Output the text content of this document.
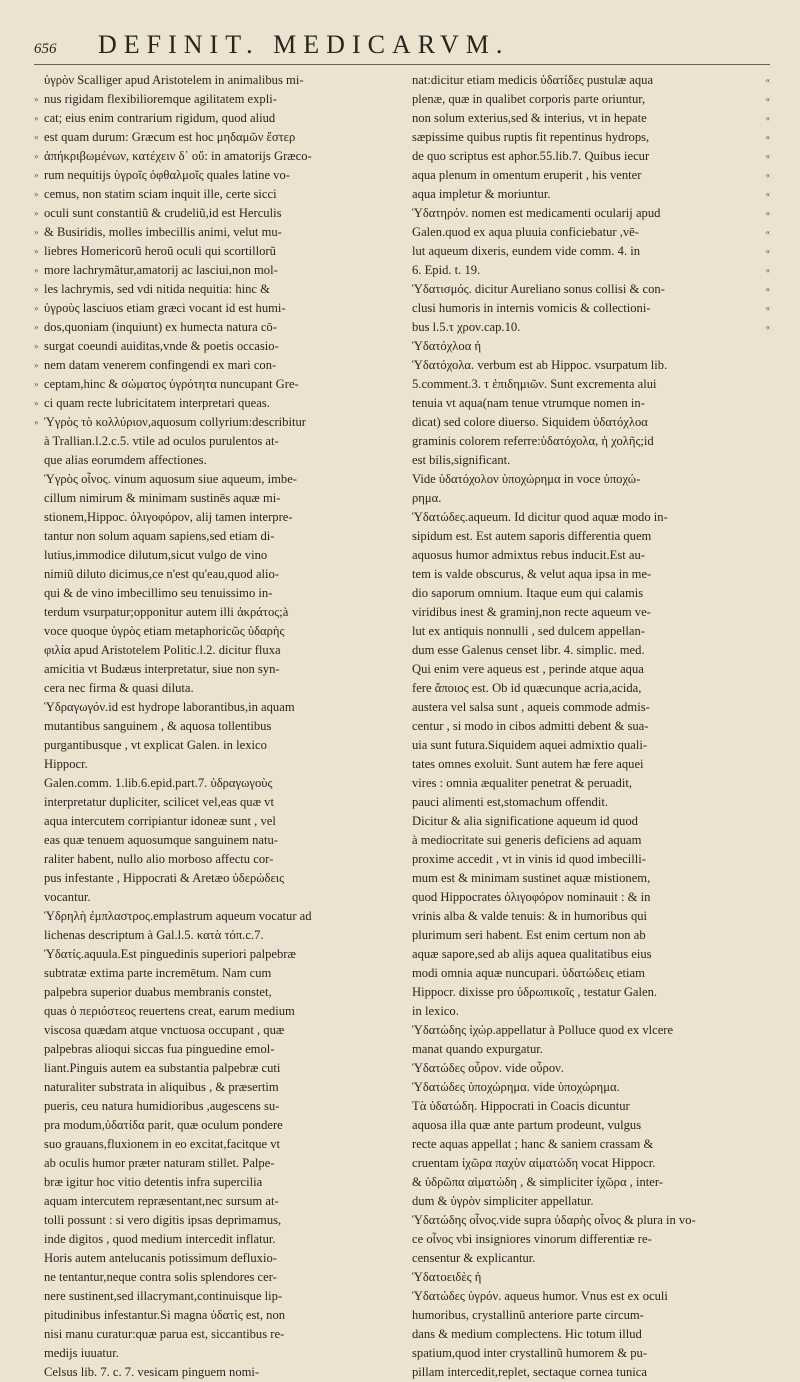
656	DEFINIT. MEDICARVM.
ὑγρὸν Scalliger apud Aristotelem in animalibus mi-
nus rigidam flexibilioremque agilitatem expli-
»
cat; eius enim contrarium rigidum, quod aliud
»
est quam durum: Græcum est hoc μηδαμῶν ἔστερ
«
ἀπήκριβωμένων, κατέχειν δ᾽ οὔ: in amatorijs Græco-
»
rum nequitijs ὑγροῖς ὀφθαλμοῖς quales latine vo-
»
cemus, non statim sciam inquit ille, certe sicci
»
oculi sunt constantiũ & crudeliũ,id est Herculis
»
& Busiridis, molles imbecillis animi, velut mu-
»
liebres Homericorũ heroũ oculi qui scortillorũ
»
more lachrymãtur,amatorij ac lasciui,non mol-
»
les lachrymis, sed vdi nitida nequitia: hinc &
»
ὑγροὺς lasciuos etiam græci vocant id est humi-
»
dos,quoniam (inquiunt) ex humecta natura cō-
»
surgat coeundi auiditas,vnde & poetis occasio-
»
nem datam venerem confingendi ex mari con-
»
ceptam,hinc & σώματος ὑγρότητα nuncupant Gre-
»
ci quam recte lubricitatem interpretari queas.
»
Ὑγρὸς τὸ κολλύριον,aquosum collyrium:describitur
»
à Trallian.l.2.c.5. vtile ad oculos purulentos at-
que alias eorumdem affectiones.
Ὑγρὸς οἶνος. vinum aquosum siue aqueum, imbe-
cillum nimirum & minimam sustinēs aquæ mi-
stionem,Hippoc. ὀλιγοφόρον, alij tamen interpre-
tantur non solum aquam sapiens,sed etiam di-
lutius,immodice dilutum,sicut vulgo de vino
nimiũ diluto dicimus,ce n'est qu'eau,quod alio-
qui & de vino imbecillimo seu tenuissimo in-
terdum vsurpatur;opponitur autem illi ἀκράτος;à
voce quoque ὑγρὸς etiam metaphoricῶς ὑδαρὴς
φιλία apud Aristotelem Politic.l.2. dicitur fluxa
amicitia vt Budæus interpretatur, siue non syn-
cera nec firma & quasi diluta.
Ὑδραγωγόν.id est hydrope laborantibus,in aquam
mutantibus sanguinem , & aquosa tollentibus
purgantibusque , vt explicat Galen. in lexico
Hippocr.
Galen.comm. 1.lib.6.epid.part.7. ὑδραγωγοὺς
interpretatur dupliciter, scilicet vel,eas quæ vt
aqua intercutem corripiantur idoneæ sunt , vel
eas quæ tenuem aquosumque sanguinem natu-
raliter habent, nullo alio morboso affectu cor-
pus infestante , Hippocrati & Aretæo ὑδερώδεις
vocantur.
Ὑδρηλὴ ἐμπλαστρος.emplastrum aqueum vocatur ad
lichenas descriptum à Gal.l.5. κατὰ τόπ.c.7.
Ὑδατίς.aquula.Est pinguedinis superiori palpebræ
subtratæ extima parte incremētum. Nam cum
palpebra superior duabus membranis constet,
quas ὁ περιόστεος reuertens creat, earum medium
viscosa quædam atque vnctuosa occupant , quæ
palpebras alioqui siccas fua pinguedine emol-
liant.Pinguis autem ea substantia palpebræ cuti
naturaliter substrata in aliquibus , & præsertim
pueris, ceu natura humidioribus ,augescens su-
pra modum,ὑδατίδα parit, quæ oculum pondere
suo grauans,fluxionem in eo excitat,facitque vt
ab oculis humor præter naturam stillet. Palpe-
bræ igitur hoc vitio detentis infra supercilia
aquam intercutem repræsentant,nec sursum at-
tolli possunt : si vero digitis ipsas deprimamus,
inde digitos , quod medium intercedit inflatur.
Horis autem antelucanis potissimum defluxio-
ne tentantur,neque contra solis splendores cer-
nere sustinent,sed illacrymant,continuisque lip-
pitudinibus infestantur.Si magna ὑδατὶς est, non
nisi manu curatur:quæ parua est, siccantibus re-
medijs iuuatur.
Celsus lib. 7. c. 7. vesicam pinguem nomi-
nat:dicitur etiam medicis ὑδατίδες pustulæ aqua	«
plenæ, quæ in qualibet corporis parte oriuntur,	«
non solum exterius,sed & interius, vt in hepate	«
sæpissime quibus ruptis fit repentinus hydrops,	«
de quo scriptus est aphor.55.lib.7. Quibus iecur	«
aqua plenum in omentum eruperit , his venter	«
aqua impletur & moriuntur.	«
Ὑδατηρόν. nomen est medicamenti ocularij apud	«
Galen.quod ex aqua pluuia conficiebatur ,vē-	«
lut aqueum dixeris, eundem vide comm. 4. in	«
6. Epid. t. 19.	«
Ὑδατισμός. dicitur Aureliano sonus collisi & con-	«
clusi humoris in internis vomicis & collectioni-	«
bus l.5.τ χρον.cap.10.	«
Ὑδατόχλοα ἡ
Ὑδατόχολα. verbum est ab Hippoc. vsurpatum lib.
5.comment.3. τ ἐπιδημιῶν. Sunt excrementa alui
tenuia vt aqua(nam tenue vtrumque nomen in-
dicat) sed colore diuerso. Siquidem ὑδατόχλοα
graminis colorem referre:ὑδατόχολα, ἡ χολῆς;id
est bilis,significant.
Vide ὑδατόχολον ὑποχώρημα in voce ὑποχώ-
ρημα.
Ὑδατώδες.aqueum. Id dicitur quod aquæ modo in-
sipidum est. Est autem saporis differentia quem
aquosus humor admixtus rebus inducit.Est au-
tem is valde obscurus, & velut aqua ipsa in me-
dio saporum omnium. Itaque eum qui calamis
viridibus inest & graminj,non recte aqueum ve-
lut ex antiquis nonnulli , sed dulcem appellan-
dum esse Galenus censet libr. 4. simplic. med.
Qui enim vere aqueus est , perinde atque aqua
fere ἄποιος est. Ob id quæcunque acria,acida,
austera vel salsa sunt , aqueis commode admis-
centur , si modo in cibos admitti debent & sua-
uia sunt futura.Siquidem aquei admixtio quali-
tates omnes exoluit. Sunt autem hæ fere aquei
vires : omnia æqualiter penetrat & peruadit,
pauci alimenti est,stomachum offendit.
Dicitur & alia significatione aqueum id quod
à mediocritate sui generis deficiens ad aquam
proxime accedit , vt in vinis id quod imbecilli-
mum est & minimam sustinet aquæ mistionem,
quod Hippocrates ὀλιγοφόρον nominauit : & in
vrinis alba & valde tenuis: & in humoribus qui
plurimum seri habent. Est enim certum non ab
aquæ sapore,sed ab alijs aquea qualitatibus eius
modi omnia aquæ nuncupari. ὑδατώδεις etiam
Hippocr. dixisse pro ὑδρωπικοῖς , testatur Galen.
in lexico.
Ὑδατώδης ἰχώρ.appellatur à Polluce quod ex vlcere
manat quando expurgatur.
Ὑδατώδες οὖρον. vide οὖρον.
Ὑδατώδες ὑποχώρημα. vide ὑποχώρημα.
Τὰ ὑδατώδη. Hippocrati in Coacis dicuntur
aquosa illa quæ ante partum prodeunt, vulgus
recte aquas appellat ; hanc & saniem crassam &
cruentam ἰχῶρα παχὺν αἱματώδη vocat Hippocr.
& ὑδρῶπα αἱματώδη , & simpliciter ἰχῶρα , inter-
dum & ὑγρὸν simpliciter appellatur.
Ὑδατώδης οἶνος.vide supra ὑδαρὴς οἶνος & plura in vo-
ce οἶνος vbi insigniores vinorum differentiæ re-
censentur & explicantur.
Ὑδατοειδὲς ἡ
Ὑδατώδες ὑγρόν. aqueus humor. Vnus est ex oculi
humoribus, crystallinũ anteriore parte circum-
dans & medium complectens. Hic totum illud
spatium,quod inter crystallinũ humorem & pu-
pillam intercedit,replet, sectaque cornea tunica
